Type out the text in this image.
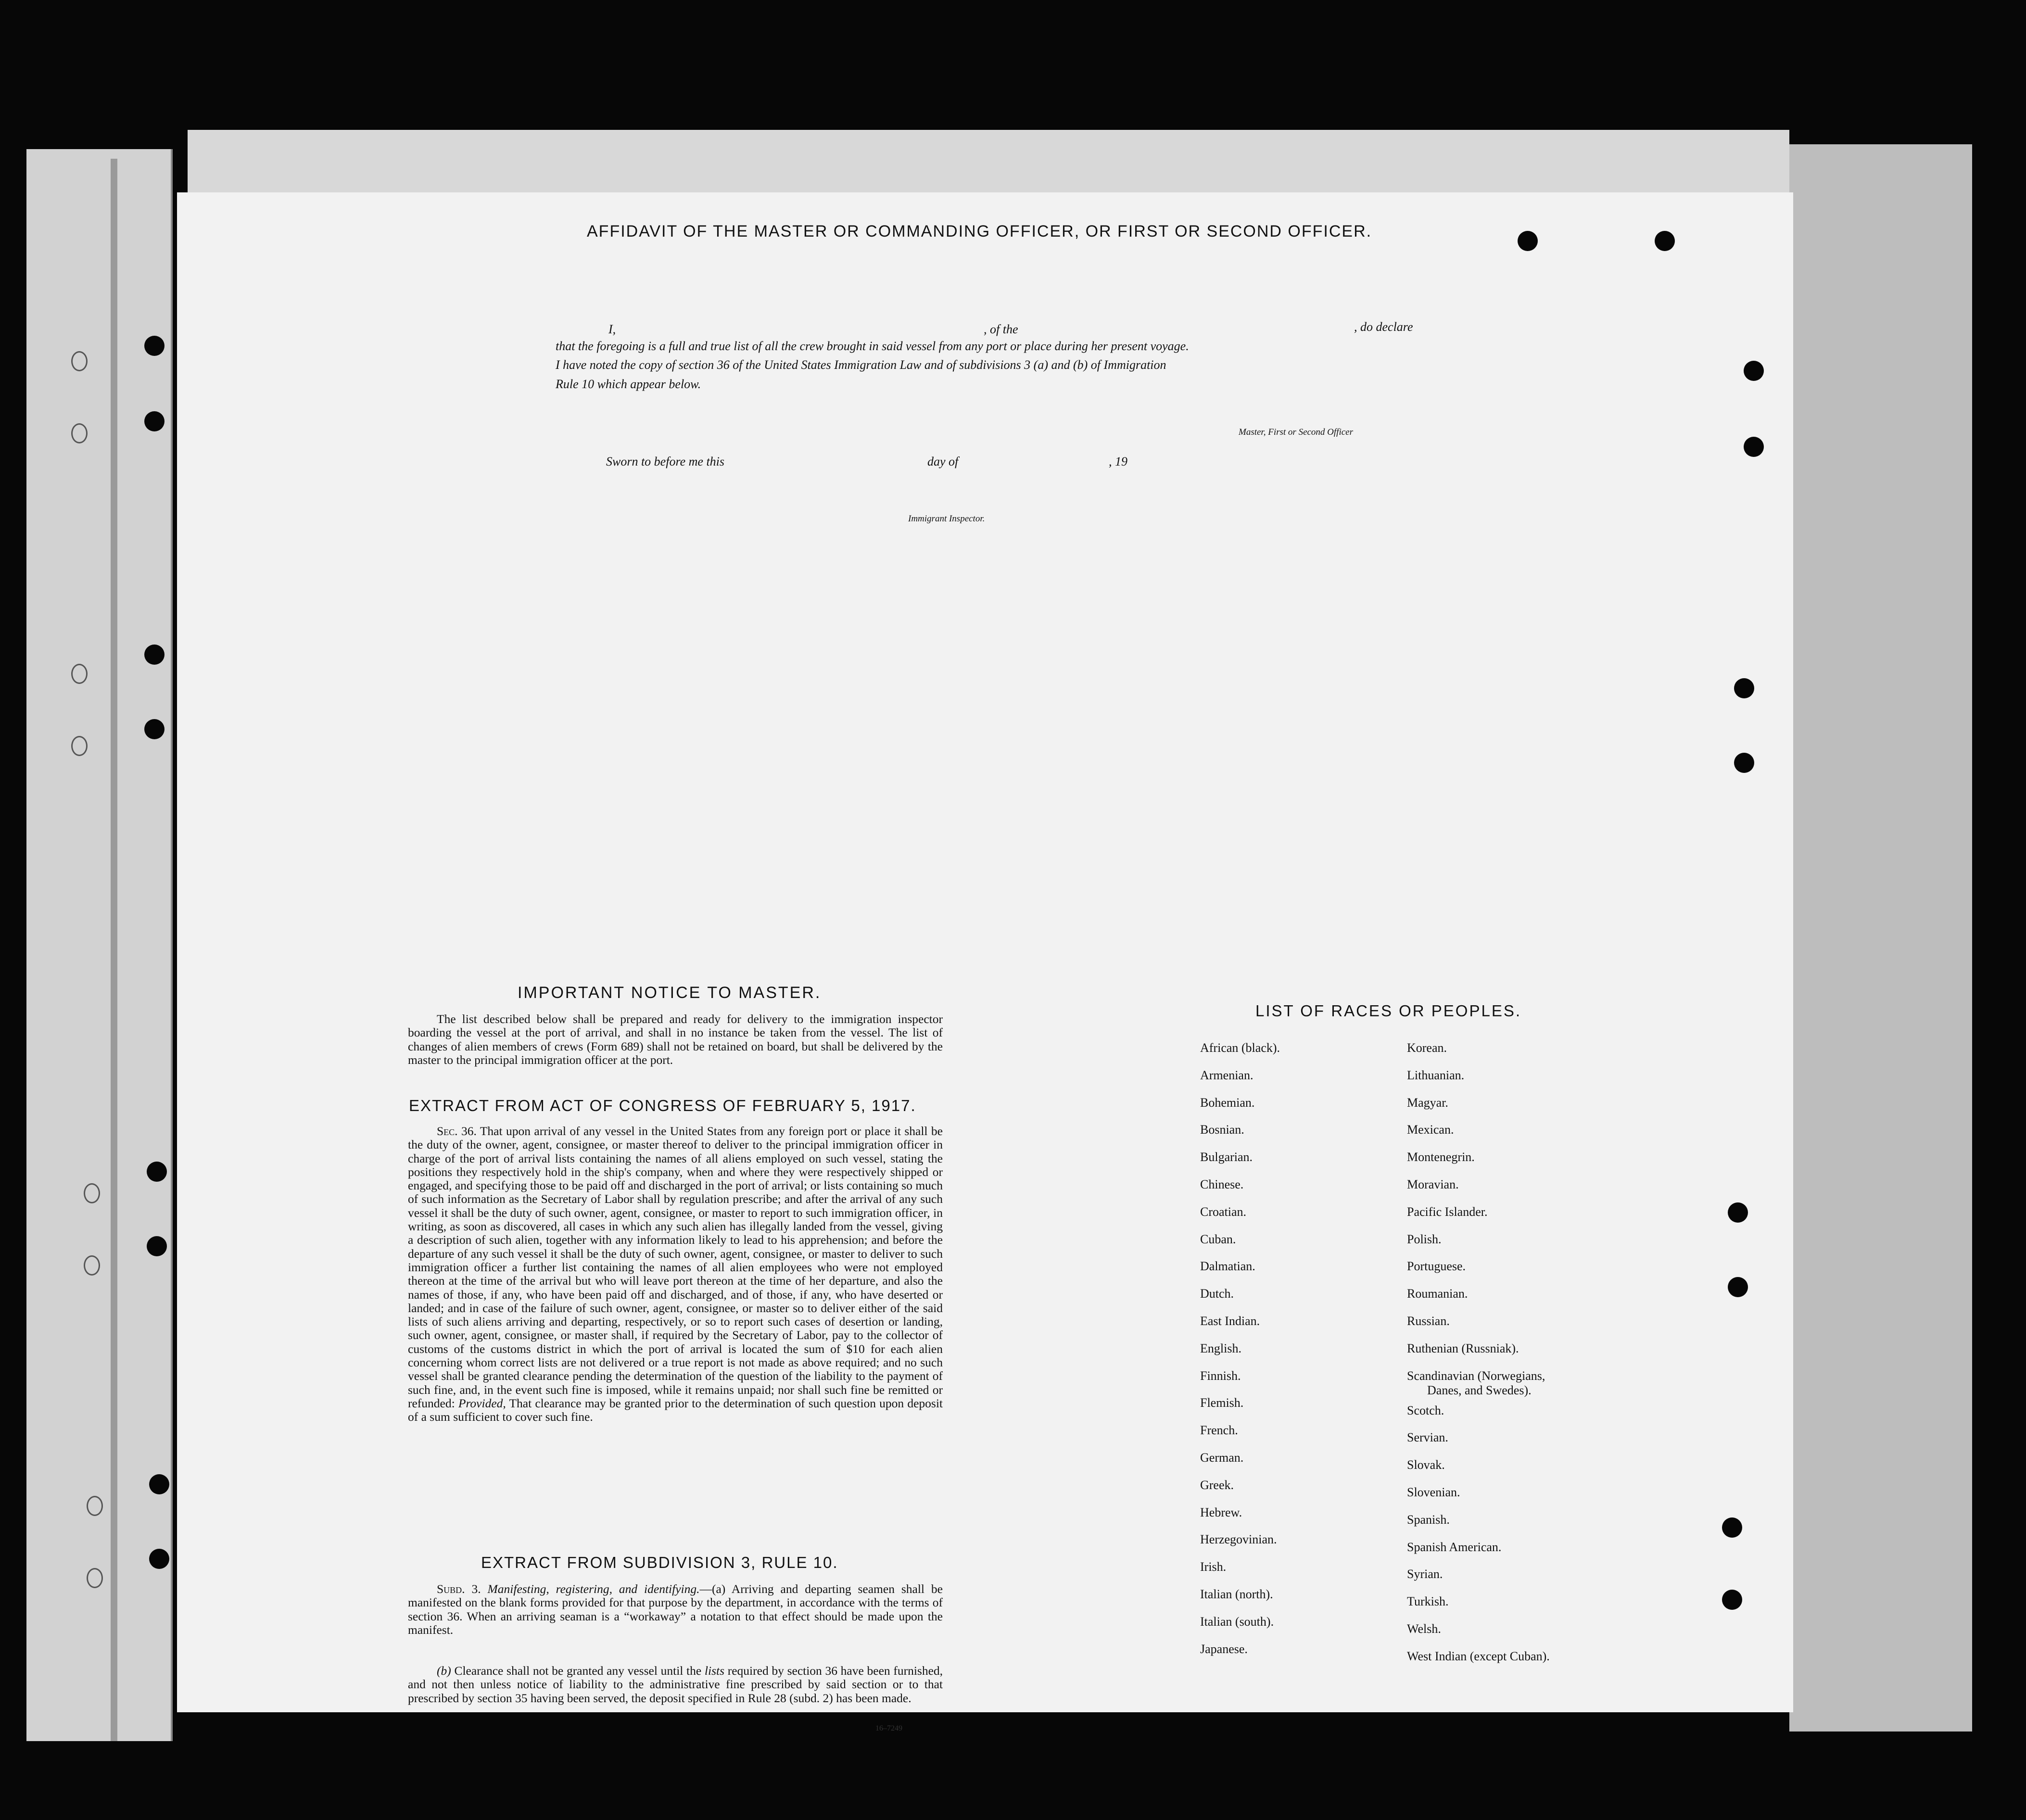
AFFIDAVIT OF THE MASTER OR COMMANDING OFFICER, OR FIRST OR SECOND OFFICER.
I,	, of the	, do declare
that the foregoing is a full and true list of all the crew brought in said vessel from any port or place during her present voyage.
I have noted the copy of section 36 of the United States Immigration Law and of subdivisions 3 (a) and (b) of Immigration
Rule 10 which appear below.
Master, First or Second Officer
Sworn to before me this	day of	, 19
Immigrant Inspector.
IMPORTANT NOTICE TO MASTER.

The list described below shall be prepared and ready for delivery to the immigration inspector boarding the vessel at the port of arrival, and shall in no instance be taken from the vessel. The list of changes of alien members of crews (Form 689) shall not be retained on board, but shall be delivered by the master to the principal immigration officer at the port.

EXTRACT FROM ACT OF CONGRESS OF FEBRUARY 5, 1917.

Sec. 36. That upon arrival of any vessel in the United States from any foreign port or place it shall be the duty of the owner, agent, consignee, or master thereof to deliver to the principal immigration officer in charge of the port of arrival lists containing the names of all aliens employed on such vessel, stating the positions they respectively hold in the ship's company, when and where they were respectively shipped or engaged, and specifying those to be paid off and discharged in the port of arrival; or lists containing so much of such information as the Secretary of Labor shall by regulation prescribe; and after the arrival of any such vessel it shall be the duty of such owner, agent, consignee, or master to report to such immigration officer, in writing, as soon as discovered, all cases in which any such alien has illegally landed from the vessel, giving a description of such alien, together with any information likely to lead to his apprehension; and before the departure of any such vessel it shall be the duty of such owner, agent, consignee, or master to deliver to such immigration officer a further list containing the names of all alien employees who were not employed thereon at the time of the arrival but who will leave port thereon at the time of her departure, and also the names of those, if any, who have been paid off and discharged, and of those, if any, who have deserted or landed; and in case of the failure of such owner, agent, consignee, or master so to deliver either of the said lists of such aliens arriving and departing, respectively, or so to report such cases of desertion or landing, such owner, agent, consignee, or master shall, if required by the Secretary of Labor, pay to the collector of customs of the customs district in which the port of arrival is located the sum of $10 for each alien concerning whom correct lists are not delivered or a true report is not made as above required; and no such vessel shall be granted clearance pending the determination of the question of the liability to the payment of such fine, and, in the event such fine is imposed, while it remains unpaid; nor shall such fine be remitted or refunded: Provided, That clearance may be granted prior to the determination of such question upon deposit of a sum sufficient to cover such fine.

EXTRACT FROM SUBDIVISION 3, RULE 10.

Subd. 3. Manifesting, registering, and identifying.—(a) Arriving and departing seamen shall be manifested on the blank forms provided for that purpose by the department, in accordance with the terms of section 36. When an arriving seaman is a “workaway” a notation to that effect should be made upon the manifest.

(b) Clearance shall not be granted any vessel until the lists required by section 36 have been furnished, and not then unless notice of liability to the administrative fine prescribed by said section or to that prescribed by section 35 having been served, the deposit specified in Rule 28 (subd. 2) has been made.

16–7249
LIST OF RACES OR PEOPLES.
African (black).
Armenian.
Bohemian.
Bosnian.
Bulgarian.
Chinese.
Croatian.
Cuban.
Dalmatian.
Dutch.
East Indian.
English.
Finnish.
Flemish.
French.
German.
Greek.
Hebrew.
Herzegovinian.
Irish.
Italian (north).
Italian (south).
Japanese.
Korean.
Lithuanian.
Magyar.
Mexican.
Montenegrin.
Moravian.
Pacific Islander.
Polish.
Portuguese.
Roumanian.
Russian.
Ruthenian (Russniak).
Scandinavian (Norwegians,
Danes, and Swedes).
Scotch.
Servian.
Slovak.
Slovenian.
Spanish.
Spanish American.
Syrian.
Turkish.
Welsh.
West Indian (except Cuban).
